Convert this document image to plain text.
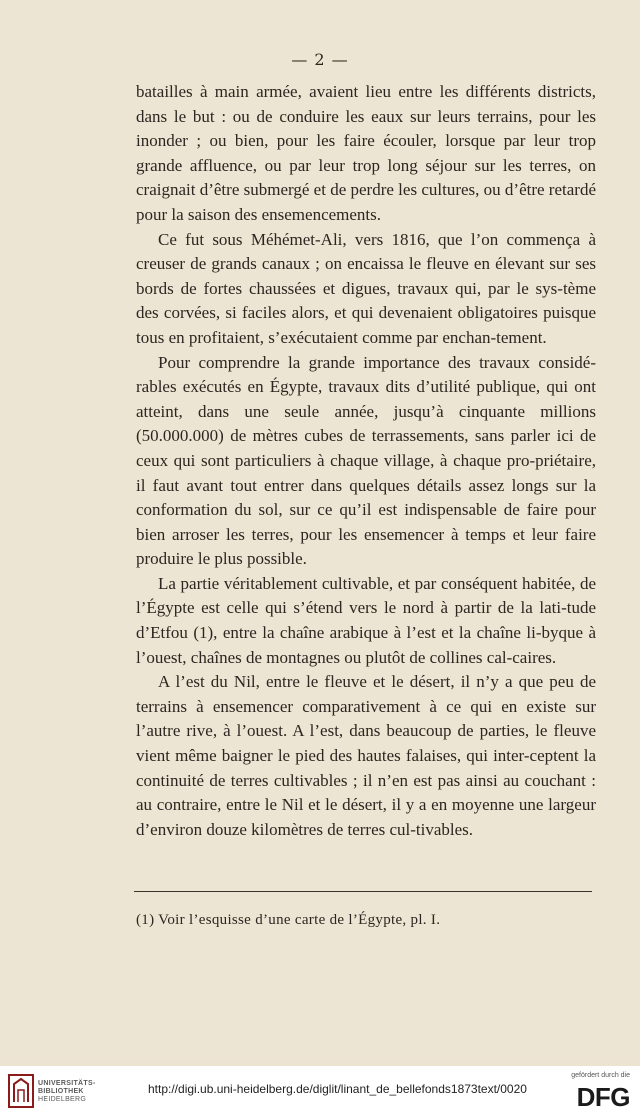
— 2 —

batailles à main armée, avaient lieu entre les différents districts, dans le but : ou de conduire les eaux sur leurs terrains, pour les inonder ; ou bien, pour les faire écouler, lorsque par leur trop grande affluence, ou par leur trop long séjour sur les terres, on craignait d’être submergé et de perdre les cultures, ou d’être retardé pour la saison des ensemencements.

Ce fut sous Méhémet-Ali, vers 1816, que l’on commença à creuser de grands canaux ; on encaissa le fleuve en élevant sur ses bords de fortes chaussées et digues, travaux qui, par le sys-tème des corvées, si faciles alors, et qui devenaient obligatoires puisque tous en profitaient, s’exécutaient comme par enchan-tement.

Pour comprendre la grande importance des travaux considé-rables exécutés en Égypte, travaux dits d’utilité publique, qui ont atteint, dans une seule année, jusqu’à cinquante millions (50.000.000) de mètres cubes de terrassements, sans parler ici de ceux qui sont particuliers à chaque village, à chaque pro-priétaire, il faut avant tout entrer dans quelques détails assez longs sur la conformation du sol, sur ce qu’il est indispensable de faire pour bien arroser les terres, pour les ensemencer à temps et leur faire produire le plus possible.

La partie véritablement cultivable, et par conséquent habitée, de l’Égypte est celle qui s’étend vers le nord à partir de la lati-tude d’Etfou (1), entre la chaîne arabique à l’est et la chaîne li-byque à l’ouest, chaînes de montagnes ou plutôt de collines cal-caires.

A l’est du Nil, entre le fleuve et le désert, il n’y a que peu de terrains à ensemencer comparativement à ce qui en existe sur l’autre rive, à l’ouest. A l’est, dans beaucoup de parties, le fleuve vient même baigner le pied des hautes falaises, qui inter-ceptent la continuité de terres cultivables ; il n’en est pas ainsi au couchant : au contraire, entre le Nil et le désert, il y a en moyenne une largeur d’environ douze kilomètres de terres cul-tivables.

(1) Voir l’esquisse d’une carte de l’Égypte, pl. I.
UNIVERSITÄTS-
BIBLIOTHEK
HEIDELBERG
http://digi.ub.uni-heidelberg.de/diglit/linant_de_bellefonds1873text/0020
gefördert durch die
DFG
